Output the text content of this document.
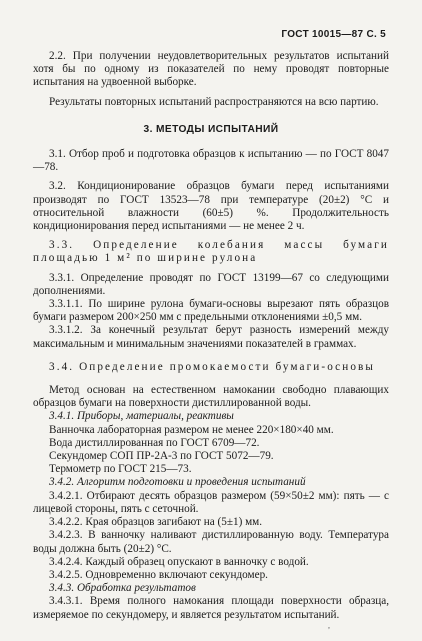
ГОСТ 10015—87 С. 5

2.2. При получении неудовлетворительных результатов испытаний хотя бы по одному из показателей по нему проводят повторные испытания на удвоенной выборке.

Результаты повторных испытаний распространяются на всю партию.

3. МЕТОДЫ ИСПЫТАНИЙ

3.1. Отбор проб и подготовка образцов к испытанию — по ГОСТ 8047—78.

3.2. Кондиционирование образцов бумаги перед испытаниями производят по ГОСТ 13523—78 при температуре (20±2) °С и относительной влажности (60±5) %. Продолжительность кондиционирования перед испытаниями — не менее 2 ч.

3.3. Определение колебания массы бумаги площадью 1 м² по ширине рулона

3.3.1. Определение проводят по ГОСТ 13199—67 со следующими дополнениями.

3.3.1.1. По ширине рулона бумаги-основы вырезают пять образцов бумаги размером 200×250 мм с предельными отклонениями ±0,5 мм.

3.3.1.2. За конечный результат берут разность измерений между максимальным и минимальным значениями показателей в граммах.

3.4. Определение промокаемости бумаги-основы

Метод основан на естественном намокании свободно плавающих образцов бумаги на поверхности дистиллированной воды.

3.4.1. Приборы, материалы, реактивы

Ванночка лабораторная размером не менее 220×180×40 мм.

Вода дистиллированная по ГОСТ 6709—72.

Секундомер СОП ПР-2А-3 по ГОСТ 5072—79.

Термометр по ГОСТ 215—73.

3.4.2. Алгоритм подготовки и проведения испытаний

3.4.2.1. Отбирают десять образцов размером (59×50±2 мм): пять — с лицевой стороны, пять с сеточной.

3.4.2.2. Края образцов загибают на (5±1) мм.

3.4.2.3. В ванночку наливают дистиллированную воду. Температура воды должна быть (20±2) °С.

3.4.2.4. Каждый образец опускают в ванночку с водой.

3.4.2.5. Одновременно включают секундомер.

3.4.3. Обработка результатов

3.4.3.1. Время полного намокания площади поверхности образца, измеряемое по секундомеру, и является результатом испытаний.

,
